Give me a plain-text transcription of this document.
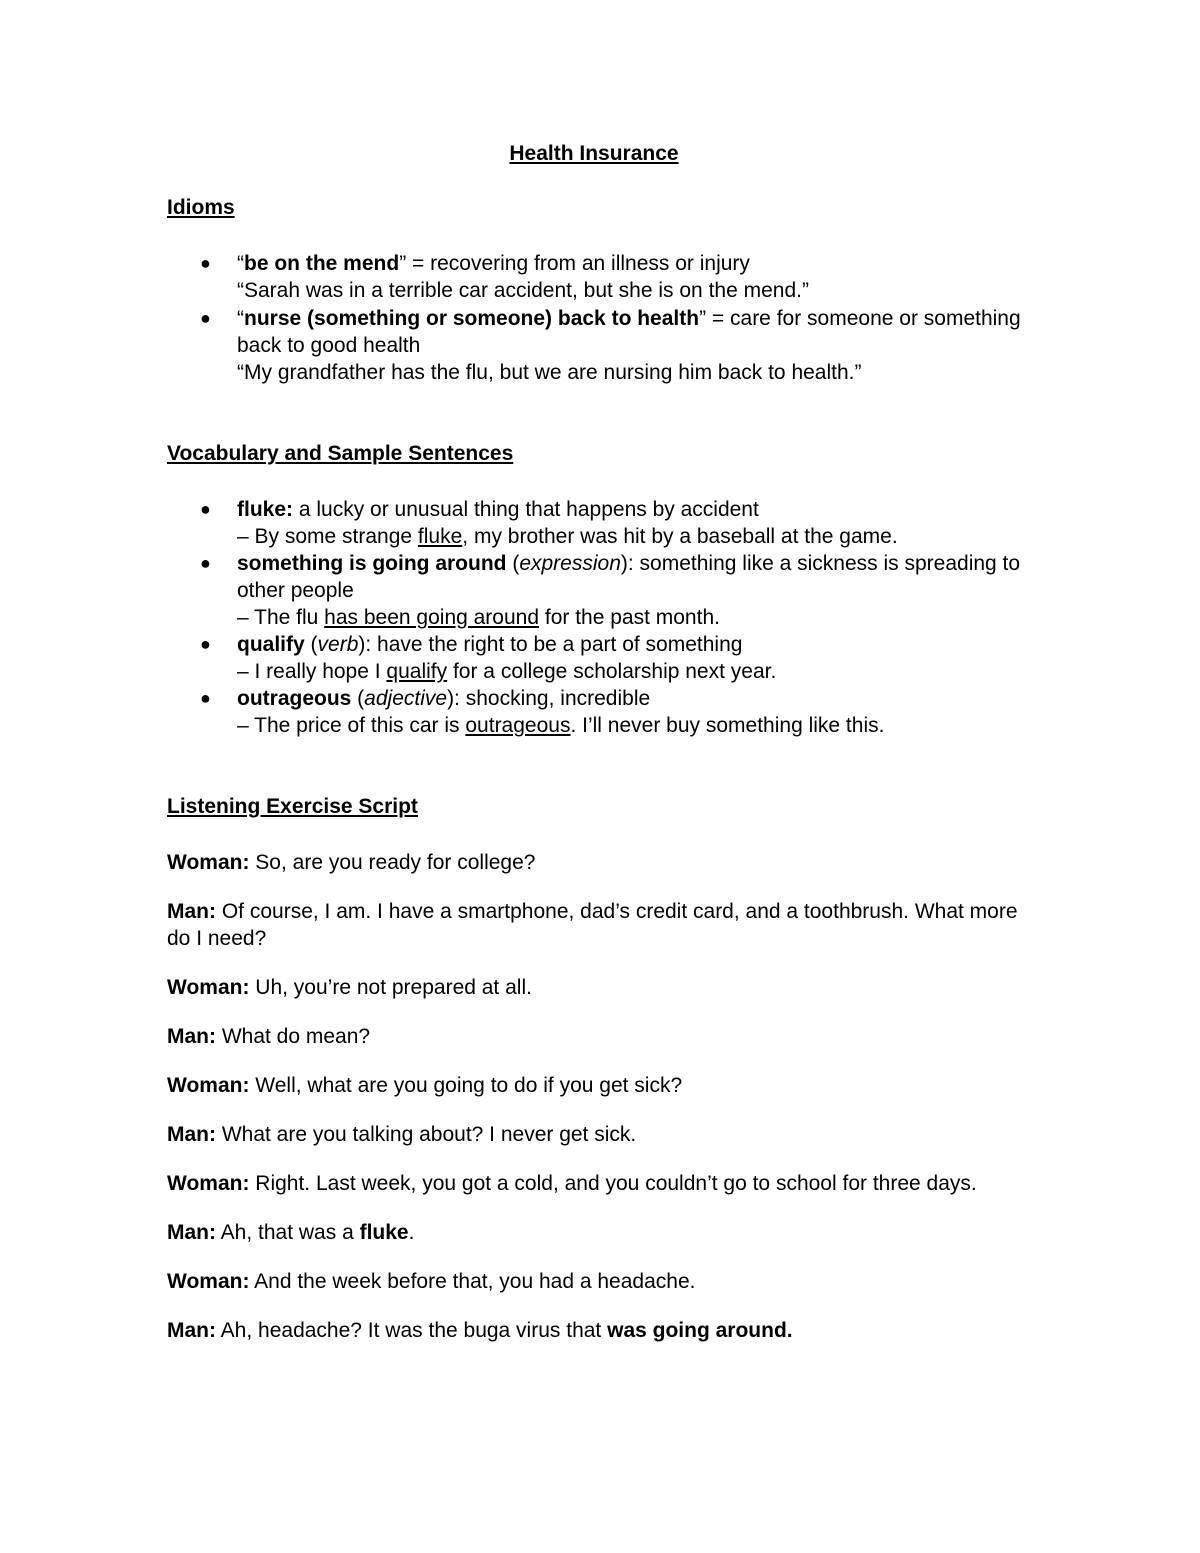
Health Insurance
Idioms
● “be on the mend” = recovering from an illness or injury
“Sarah was in a terrible car accident, but she is on the mend.”
● “nurse (something or someone) back to health” = care for someone or something back to good health
“My grandfather has the flu, but we are nursing him back to health.”
Vocabulary and Sample Sentences
● fluke: a lucky or unusual thing that happens by accident
– By some strange fluke, my brother was hit by a baseball at the game.
● something is going around (expression): something like a sickness is spreading to other people
– The flu has been going around for the past month.
● qualify (verb): have the right to be a part of something
– I really hope I qualify for a college scholarship next year.
● outrageous (adjective): shocking, incredible
– The price of this car is outrageous. I’ll never buy something like this.
Listening Exercise Script

Woman: So, are you ready for college?

Man: Of course, I am. I have a smartphone, dad’s credit card, and a toothbrush. What more do I need?

Woman: Uh, you’re not prepared at all.

Man: What do mean?

Woman: Well, what are you going to do if you get sick?

Man: What are you talking about? I never get sick.

Woman: Right. Last week, you got a cold, and you couldn’t go to school for three days.

Man: Ah, that was a fluke.

Woman: And the week before that, you had a headache.

Man: Ah, headache? It was the buga virus that was going around.
